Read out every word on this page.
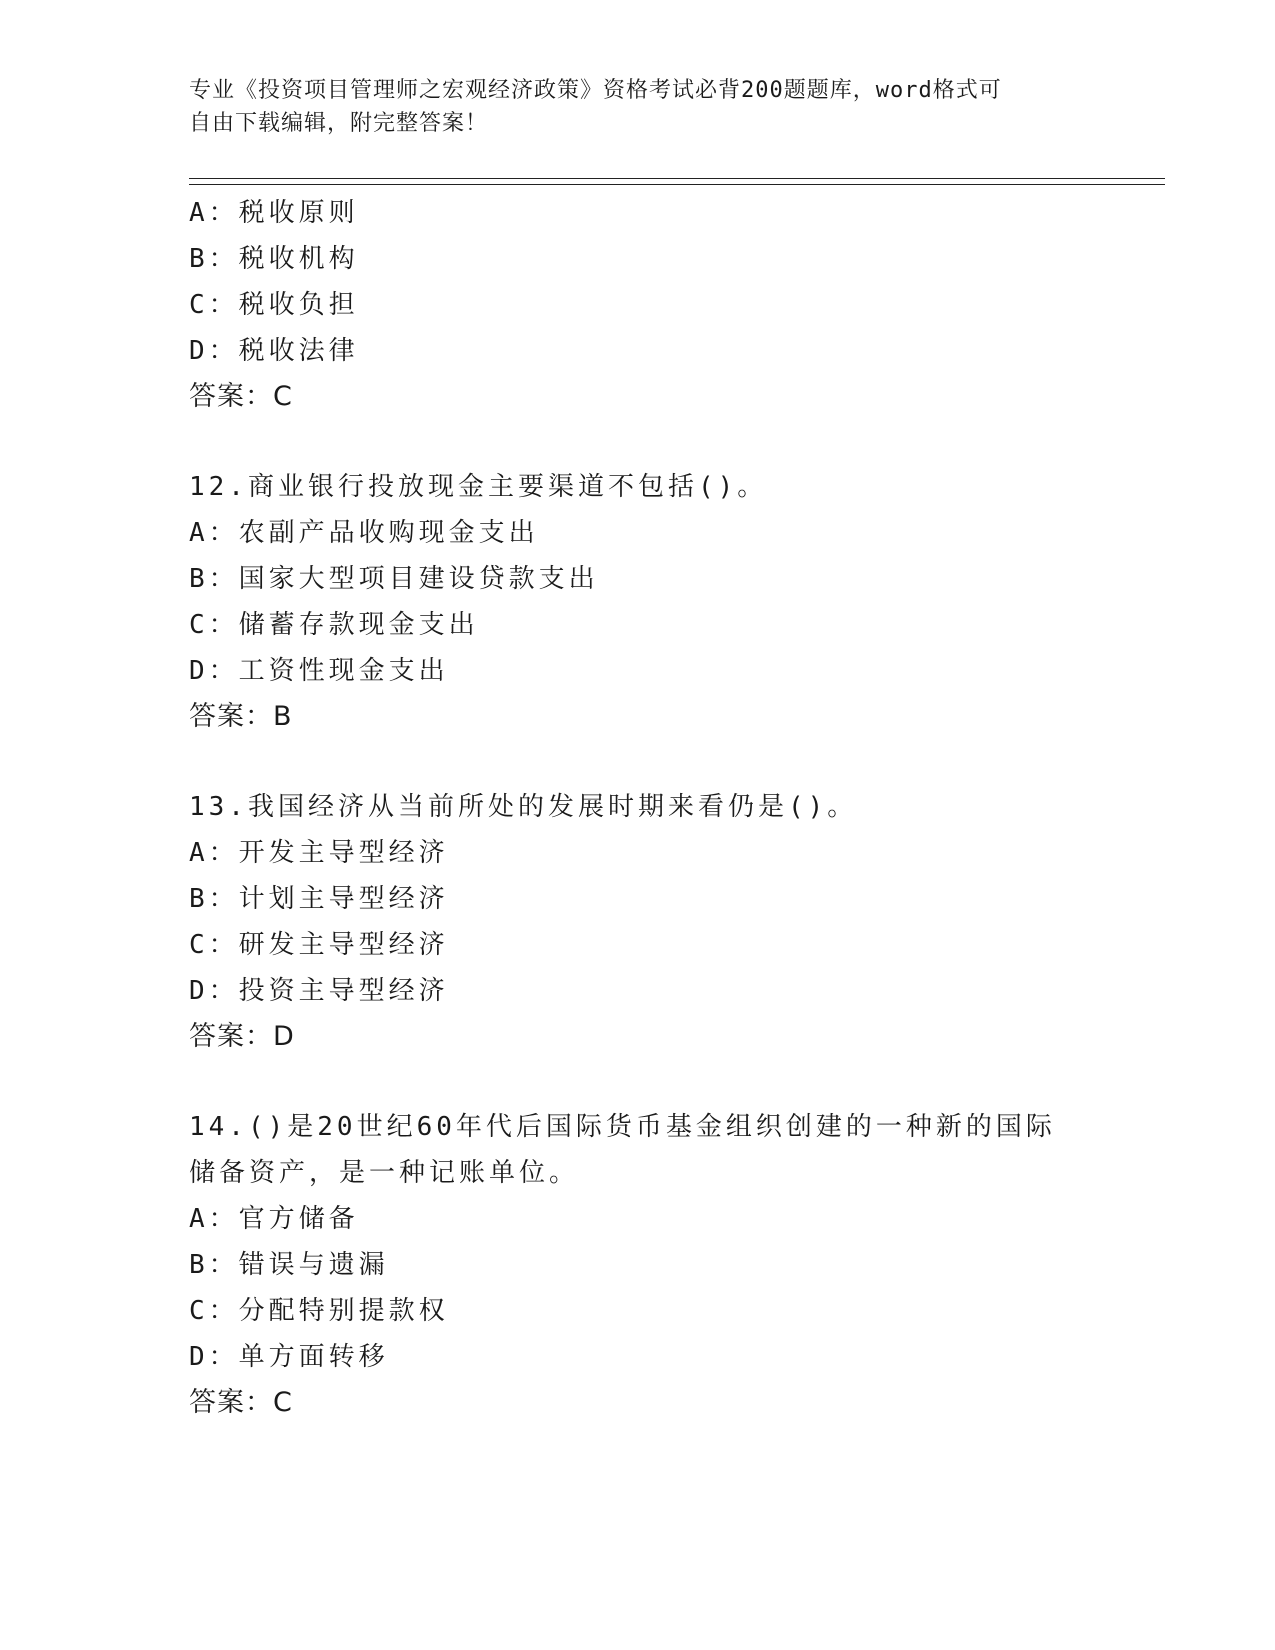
专业《投资项目管理师之宏观经济政策》资格考试必背200题题库，word格式可
自由下载编辑，附完整答案！
A：税收原则
B：税收机构
C：税收负担
D：税收法律
答案：C
12.商业银行投放现金主要渠道不包括()。
A：农副产品收购现金支出
B：国家大型项目建设贷款支出
C：储蓄存款现金支出
D：工资性现金支出
答案：B
13.我国经济从当前所处的发展时期来看仍是()。
A：开发主导型经济
B：计划主导型经济
C：研发主导型经济
D：投资主导型经济
答案：D
14.()是20世纪60年代后国际货币基金组织创建的一种新的国际储备资产，是一种记账单位。
A：官方储备
B：错误与遗漏
C：分配特别提款权
D：单方面转移
答案：C
